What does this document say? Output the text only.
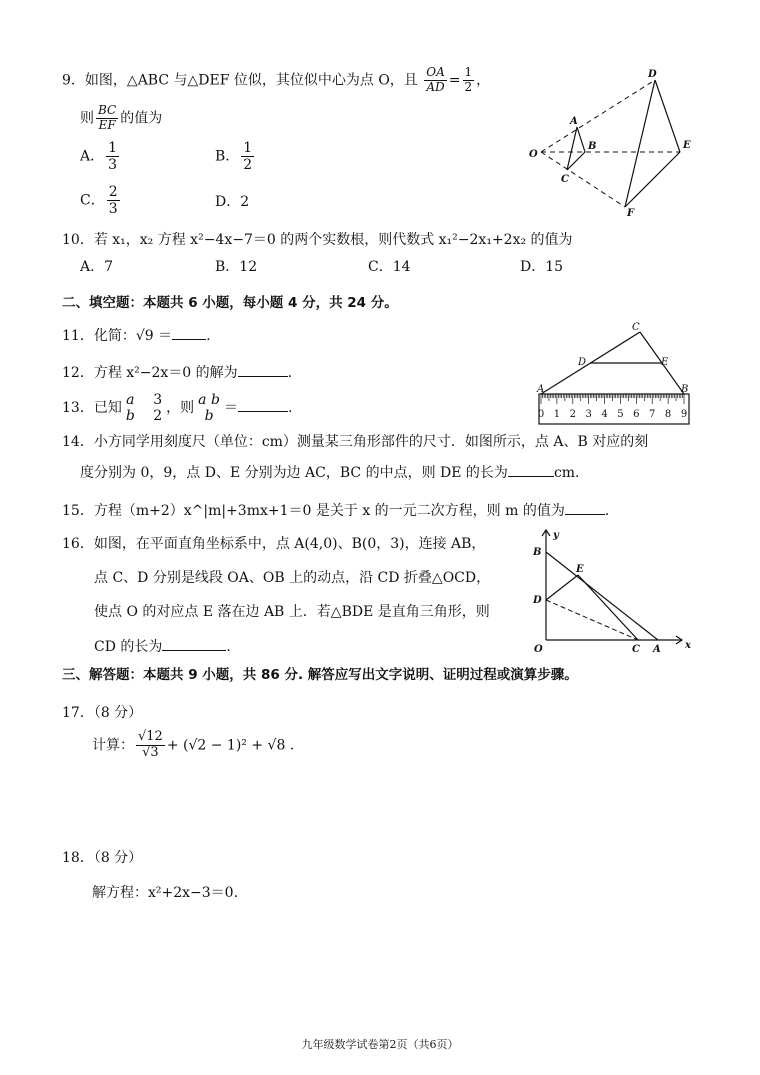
9．如图，△ABC 与△DEF 位似，其位似中心为点 O，且 $\frac{OA}{AD} = \frac{1}{2}$ ，
则 $\frac{BC}{EF}$ 的值为
A． $\frac{1}{3}$	B． $\frac{1}{2}$
C． $\frac{2}{3}$	D．2
O
A
B
C
D
E
F
10．若 x₁，x₂ 方程 x²−4x−7＝0 的两个实数根，则代数式 x₁²−2x₁+2x₂ 的值为
A．7	B．12	C．14	D．15
二、填空题：本题共 6 小题，每小题 4 分，共 24 分。
11．化简：√9 ＝ .
12．方程 x²−2x＝0 的解为	.
13．已知
a
b

3
2 ，则
a b
b ＝	.
A	B
C
D	E
0 1 2 3 4 5 6 7 8 9
14．小方同学用刻度尺（单位：cm）测量某三角形部件的尺寸．如图所示，点 A、B 对应的刻
度分别为 0，9，点 D、E 分别为边 AC，BC 的中点，则 DE 的长为	cm.
15．方程（m+2）x^|m|+3mx+1＝0 是关于 x 的一元二次方程，则 m 的值为	.
16．如图，在平面直角坐标系中，点 A(4,0)、B(0，3)，连接 AB，
点 C、D 分别是线段 OA、OB 上的动点，沿 CD 折叠△OCD，
使点 O 的对应点 E 落在边 AB 上．若△BDE 是直角三角形，则
CD 的长为	.
y
x
B
E
D
O	C A
三、解答题：本题共 9 小题，共 86 分. 解答应写出文字说明、证明过程或演算步骤。
17．（8 分）
计算： $\frac{√12}{√3} + (√2 - 1)^2 + √8$ .
18．（8 分）
解方程：x²+2x−3＝0.
九年级数学试卷第2页（共6页）
